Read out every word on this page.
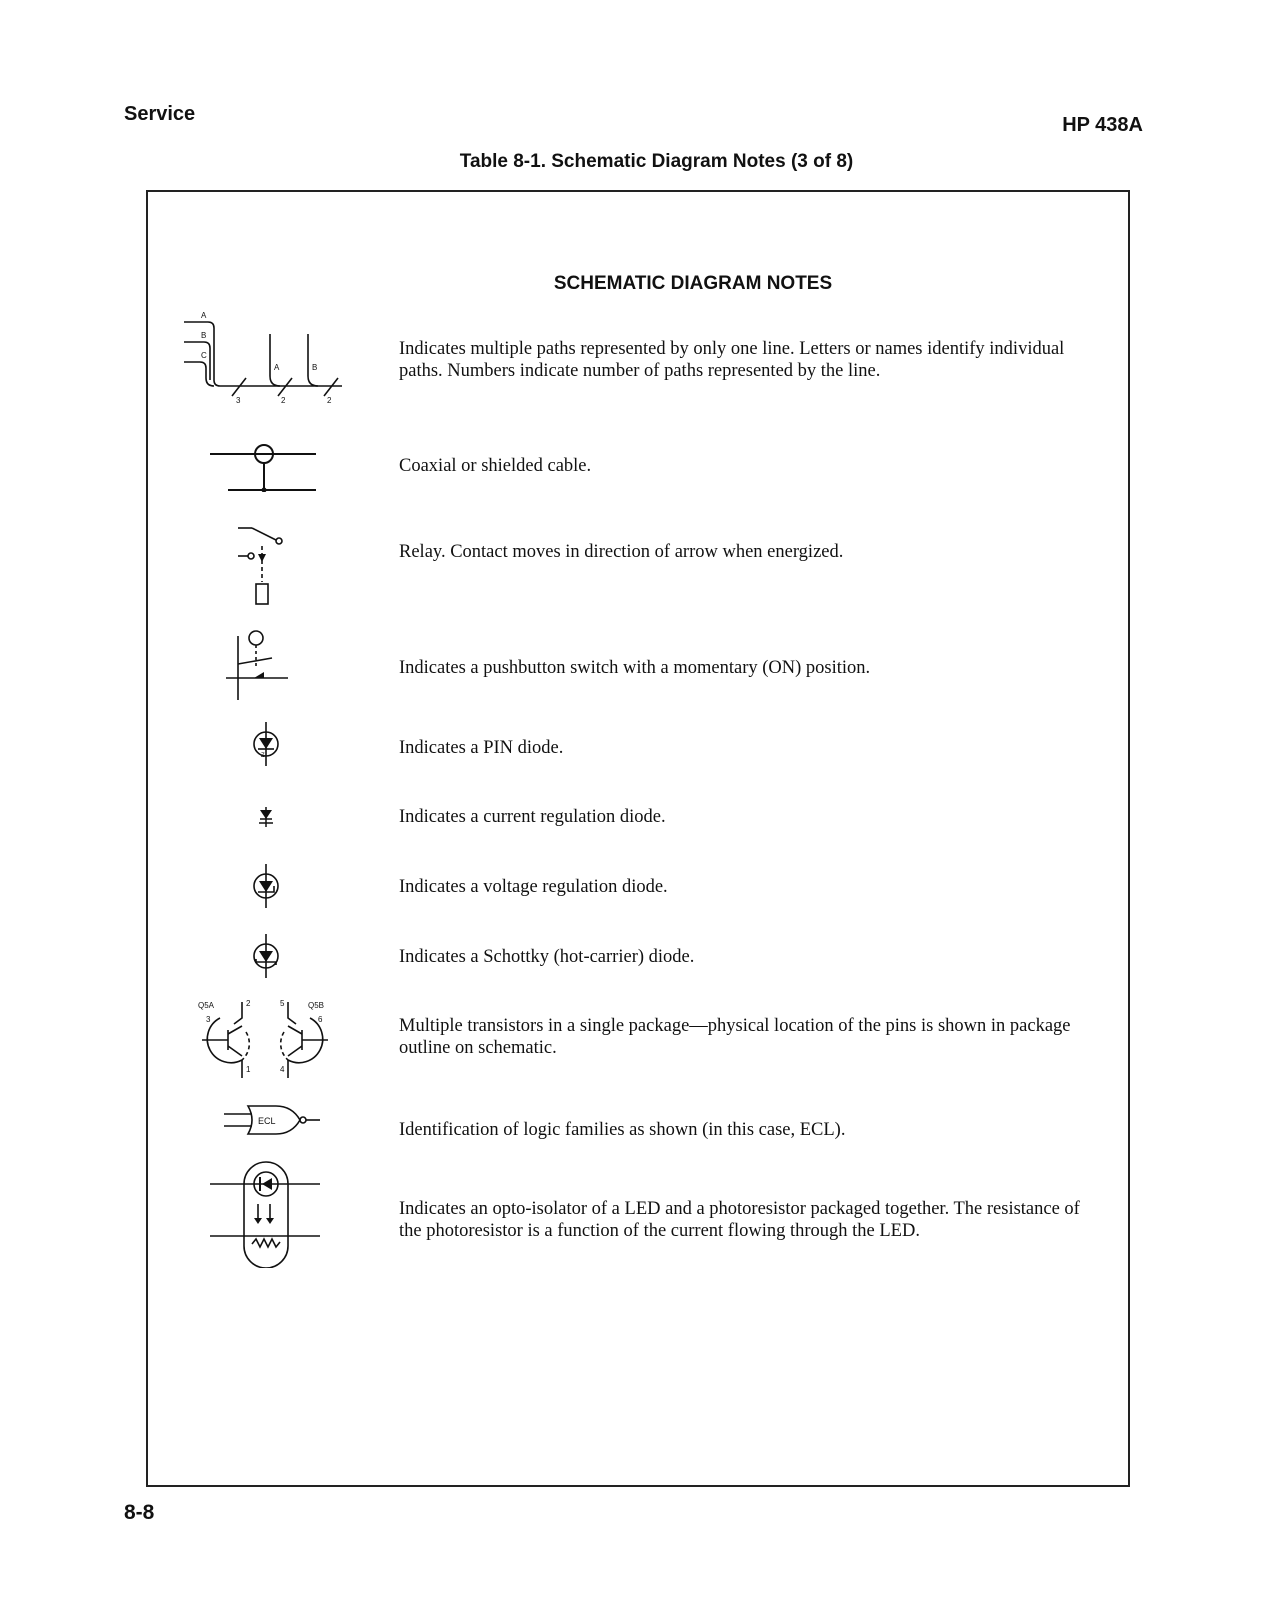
Service	HP 438A
Table 8-1. Schematic Diagram Notes (3 of 8)
SCHEMATIC DIAGRAM NOTES
A
B
C
A	B
3	2	2
Indicates multiple paths represented by only one line. Letters or names identify individual paths. Numbers indicate number of paths represented by the line.
Coaxial or shielded cable.
Relay. Contact moves in direction of arrow when energized.
Indicates a pushbutton switch with a momentary (ON) position.
Z	Indicates a PIN diode.
Indicates a current regulation diode.
Indicates a voltage regulation diode.
Indicates a Schottky (hot-carrier) diode.
Q5A	Q5B
3
2
1
5
6
4
Multiple transistors in a single package—physical location of the pins is shown in package outline on schematic.
ECL	Identification of logic families as shown (in this case, ECL).
Indicates an opto-isolator of a LED and a photoresistor packaged together. The resistance of the photoresistor is a function of the current flowing through the LED.
8-8
